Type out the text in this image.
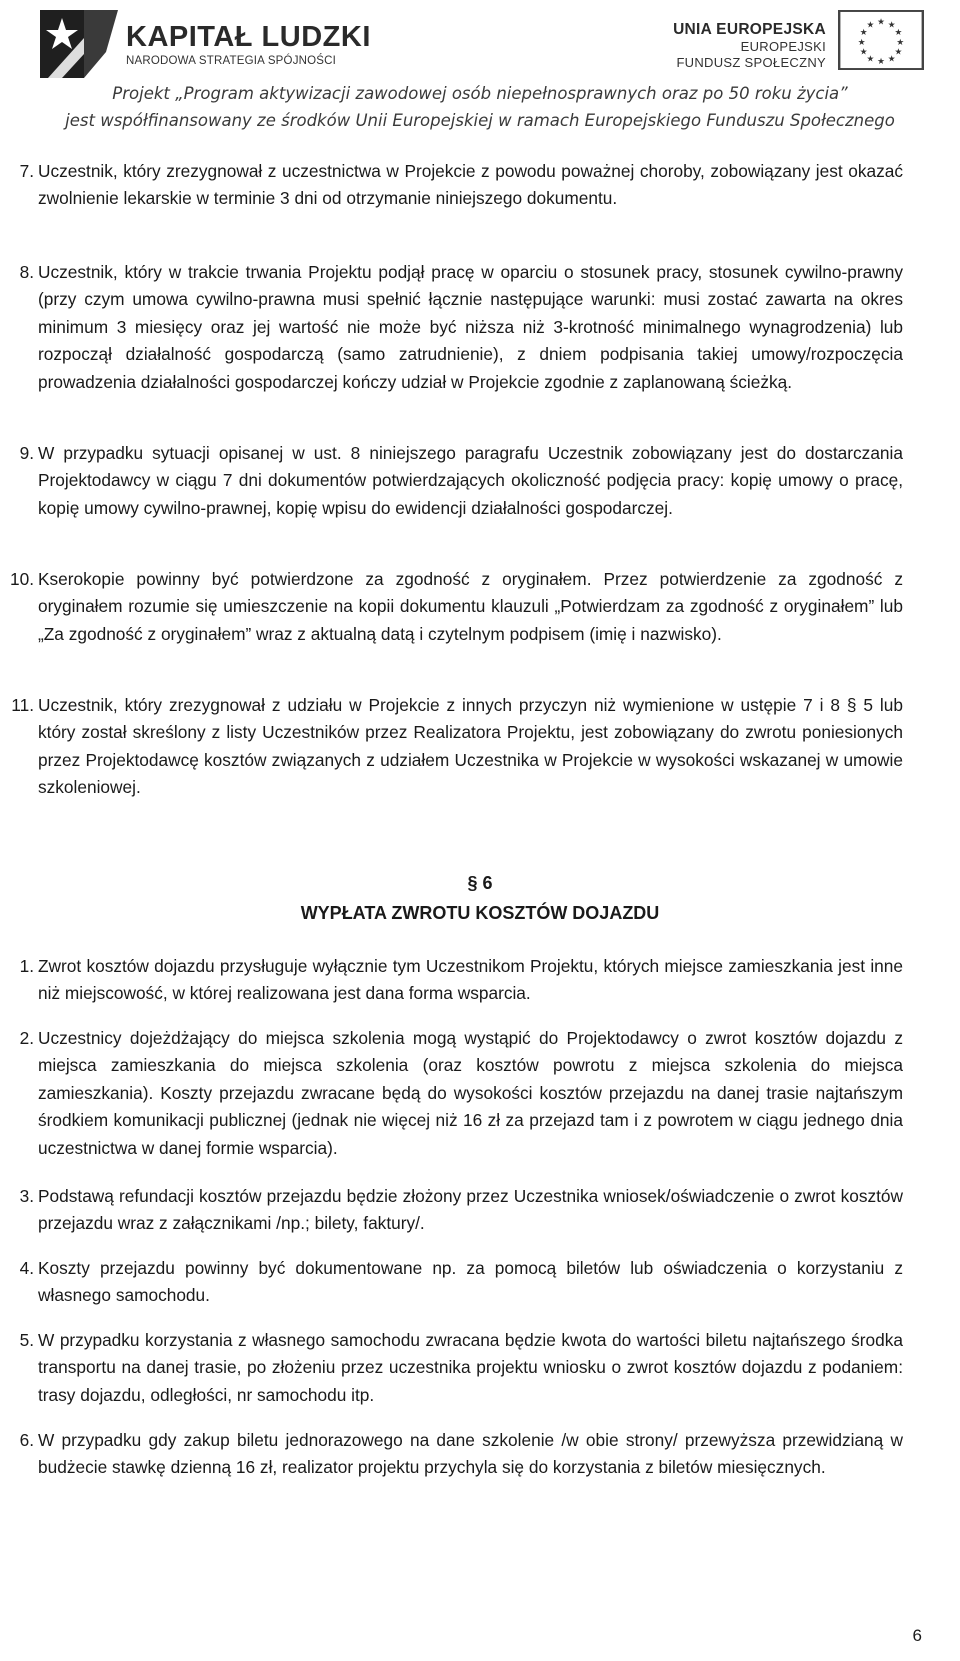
KAPITAŁ LUDZKI
NARODOWA STRATEGIA SPÓJNOŚCI
UNIA EUROPEJSKA
EUROPEJSKI
FUNDUSZ SPOŁECZNY
★ ★
★
★
★
★
★
★
★
★
★
★
Projekt „Program aktywizacji zawodowej osób niepełnosprawnych oraz po 50 roku życia”
jest współfinansowany ze środków Unii Europejskiej w ramach Europejskiego Funduszu Społecznego
7. Uczestnik, który zrezygnował z uczestnictwa w Projekcie z powodu poważnej choroby, zobowiązany jest okazać zwolnienie lekarskie w terminie 3 dni od otrzymanie niniejszego dokumentu.
8. Uczestnik, który w trakcie trwania Projektu podjął pracę w oparciu o stosunek pracy, stosunek cywilno-prawny (przy czym umowa cywilno-prawna musi spełnić łącznie następujące warunki: musi zostać zawarta na okres minimum 3 miesięcy oraz jej wartość nie może być niższa niż 3-krotność minimalnego wynagrodzenia) lub rozpoczął działalność gospodarczą (samo zatrudnienie), z dniem podpisania takiej umowy/rozpoczęcia prowadzenia działalności gospodarczej kończy udział w Projekcie zgodnie z zaplanowaną ścieżką.
9. W przypadku sytuacji opisanej w ust. 8 niniejszego paragrafu Uczestnik zobowiązany jest do dostarczania Projektodawcy w ciągu 7 dni dokumentów potwierdzających okoliczność podjęcia pracy: kopię umowy o pracę, kopię umowy cywilno-prawnej, kopię wpisu do ewidencji działalności gospodarczej.
10. Kserokopie powinny być potwierdzone za zgodność z oryginałem. Przez potwierdzenie za zgodność z oryginałem rozumie się umieszczenie na kopii dokumentu klauzuli „Potwierdzam za zgodność z oryginałem” lub „Za zgodność z oryginałem” wraz z aktualną datą i czytelnym podpisem (imię i nazwisko).
11. Uczestnik, który zrezygnował z udziału w Projekcie z innych przyczyn niż wymienione w ustępie 7 i 8 § 5 lub który został skreślony z listy Uczestników przez Realizatora Projektu, jest zobowiązany do zwrotu poniesionych przez Projektodawcę kosztów związanych z udziałem Uczestnika w Projekcie w wysokości wskazanej w umowie szkoleniowej.
§ 6
WYPŁATA ZWROTU KOSZTÓW DOJAZDU
1. Zwrot kosztów dojazdu przysługuje wyłącznie tym Uczestnikom Projektu, których miejsce zamieszkania jest inne niż miejscowość, w której realizowana jest dana forma wsparcia.
2. Uczestnicy dojeżdżający do miejsca szkolenia mogą wystąpić do Projektodawcy o zwrot kosztów dojazdu z miejsca zamieszkania do miejsca szkolenia (oraz kosztów powrotu z miejsca szkolenia do miejsca zamieszkania). Koszty przejazdu zwracane będą do wysokości kosztów przejazdu na danej trasie najtańszym środkiem komunikacji publicznej (jednak nie więcej niż 16 zł za przejazd tam i z powrotem w ciągu jednego dnia uczestnictwa w danej formie wsparcia).
3. Podstawą refundacji kosztów przejazdu będzie złożony przez Uczestnika wniosek/oświadczenie o zwrot kosztów przejazdu wraz z załącznikami /np.; bilety, faktury/.
4. Koszty przejazdu powinny być dokumentowane np. za pomocą biletów lub oświadczenia o korzystaniu z własnego samochodu.
5. W przypadku korzystania z własnego samochodu zwracana będzie kwota do wartości biletu najtańszego środka transportu na danej trasie, po złożeniu przez uczestnika projektu wniosku o zwrot kosztów dojazdu z podaniem: trasy dojazdu, odległości, nr samochodu itp.
6. W przypadku gdy zakup biletu jednorazowego na dane szkolenie /w obie strony/ przewyższa przewidzianą w budżecie stawkę dzienną 16 zł, realizator projektu przychyla się do korzystania z biletów miesięcznych.
6
